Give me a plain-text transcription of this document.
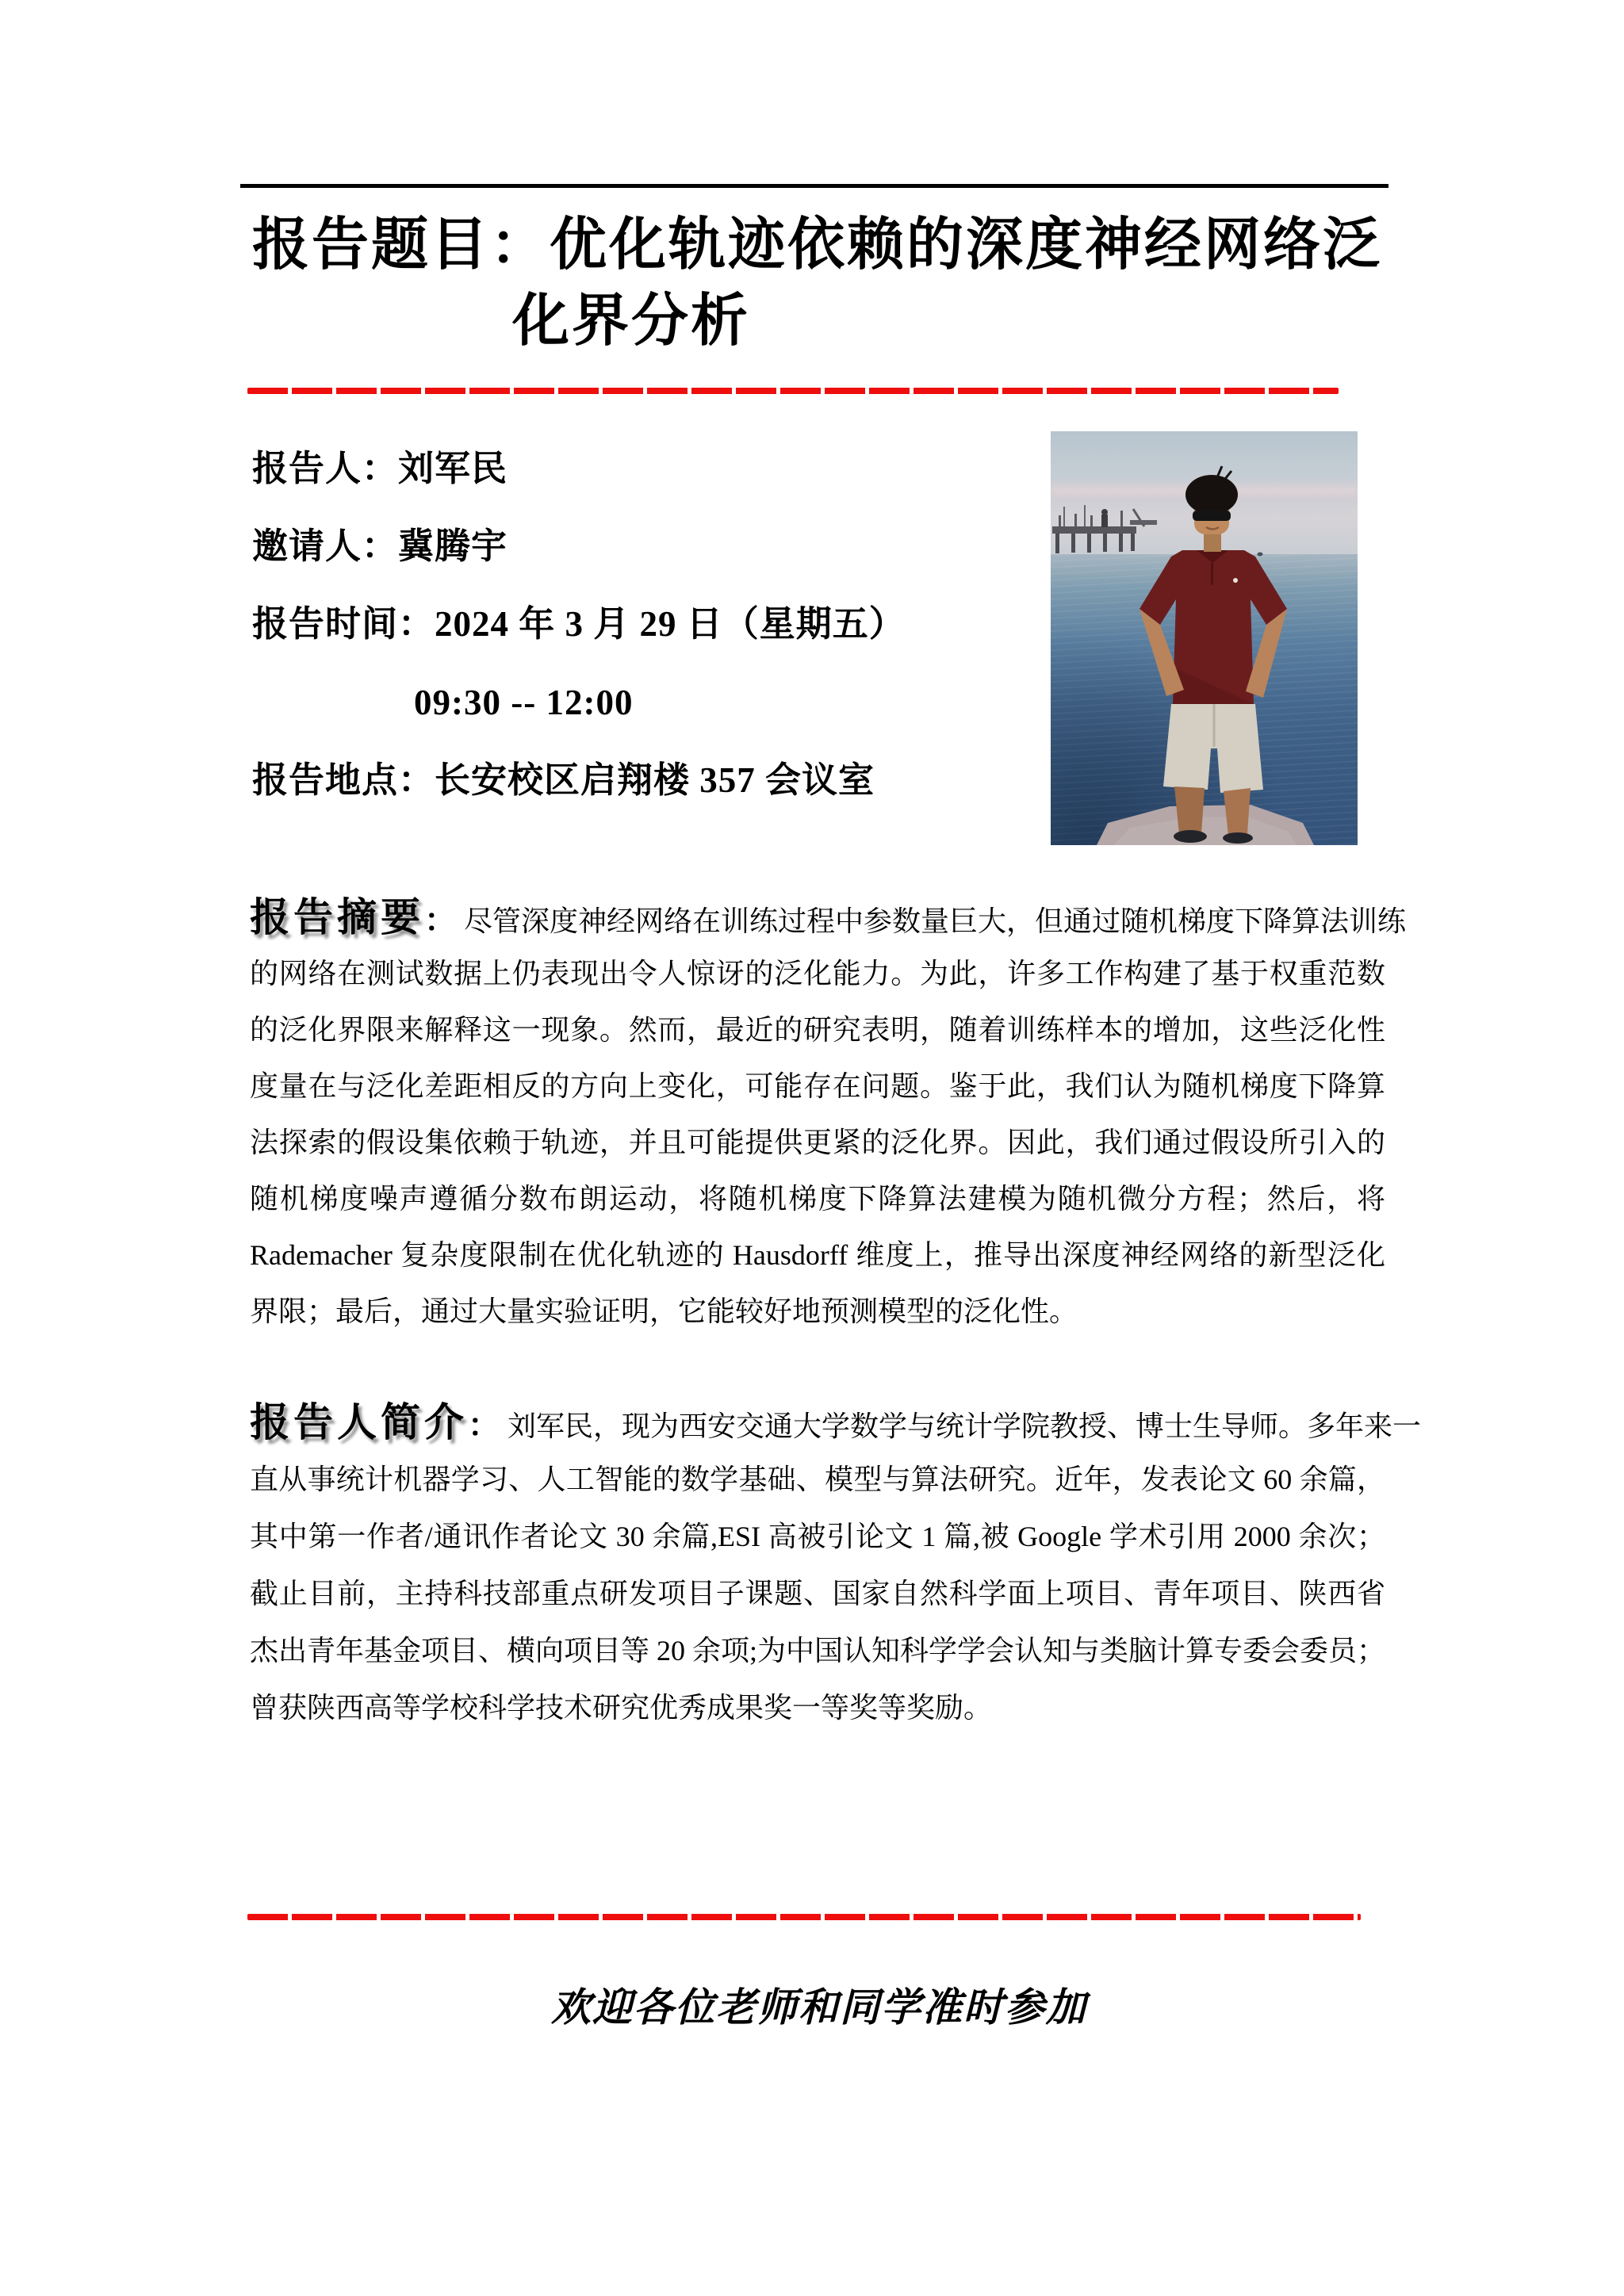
报告题目：优化轨迹依赖的深度神经网络泛
化界分析
报告人：刘军民
邀请人：冀腾宇
报告时间：2024 年 3 月 29 日（星期五）
09:30 -- 12:00
报告地点：长安校区启翔楼 357 会议室
报告摘要： 尽管深度神经网络在训练过程中参数量巨大，但通过随机梯度下降算法训练
的网络在测试数据上仍表现出令人惊讶的泛化能力。为此，许多工作构建了基于权重范数
的泛化界限来解释这一现象。然而，最近的研究表明，随着训练样本的增加，这些泛化性
度量在与泛化差距相反的方向上变化，可能存在问题。鉴于此，我们认为随机梯度下降算
法探索的假设集依赖于轨迹，并且可能提供更紧的泛化界。因此，我们通过假设所引入的
随机梯度噪声遵循分数布朗运动，将随机梯度下降算法建模为随机微分方程；然后，将
Rademacher 复杂度限制在优化轨迹的 Hausdorff 维度上，推导出深度神经网络的新型泛化
界限；最后，通过大量实验证明，它能较好地预测模型的泛化性。
报告人简介： 刘军民，现为西安交通大学数学与统计学院教授、博士生导师。多年来一
直从事统计机器学习、人工智能的数学基础、模型与算法研究。近年，发表论文 60 余篇，
其中第一作者/通讯作者论文 30 余篇,ESI 高被引论文 1 篇,被 Google 学术引用 2000 余次；
截止目前，主持科技部重点研发项目子课题、国家自然科学面上项目、青年项目、陕西省
杰出青年基金项目、横向项目等 20 余项;为中国认知科学学会认知与类脑计算专委会委员；
曾获陕西高等学校科学技术研究优秀成果奖一等奖等奖励。
欢迎各位老师和同学准时参加
